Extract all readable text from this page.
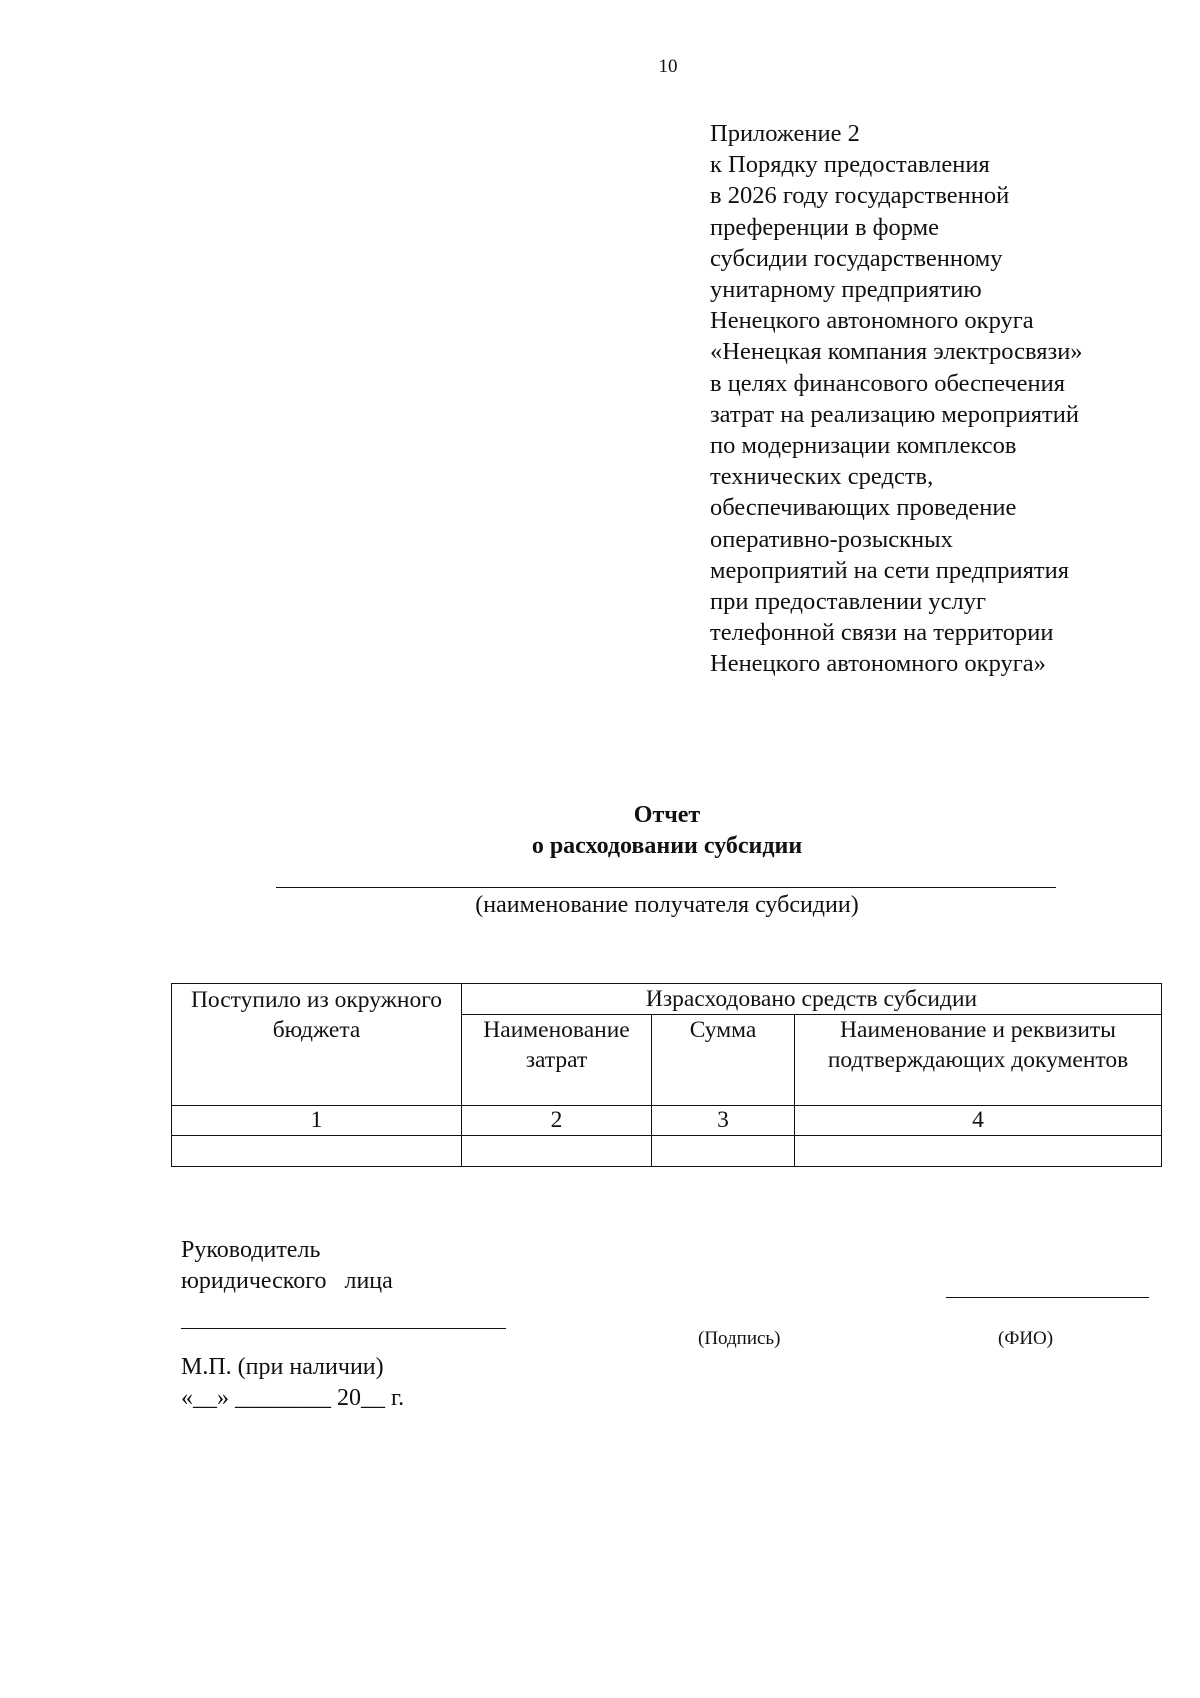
10
Приложение 2
к Порядку предоставления
в 2026 году государственной
преференции в форме
субсидии государственному
унитарному предприятию
Ненецкого автономного округа
«Ненецкая компания электросвязи»
в целях финансового обеспечения
затрат на реализацию мероприятий
по модернизации комплексов
технических средств,
обеспечивающих проведение
оперативно-розыскных
мероприятий на сети предприятия
при предоставлении услуг
телефонной связи на территории
Ненецкого автономного округа»
Отчет
о расходовании субсидии
(наименование получателя субсидии)
Поступило из окружного бюджета	Израсходовано средств субсидии		
	Наименование затрат	Сумма	Наименование и реквизиты подтверждающих документов
1	2	3	4

Руководитель
юридического   лица
(Подпись)	(ФИО)
М.П. (при наличии)
«__» ________ 20__ г.
